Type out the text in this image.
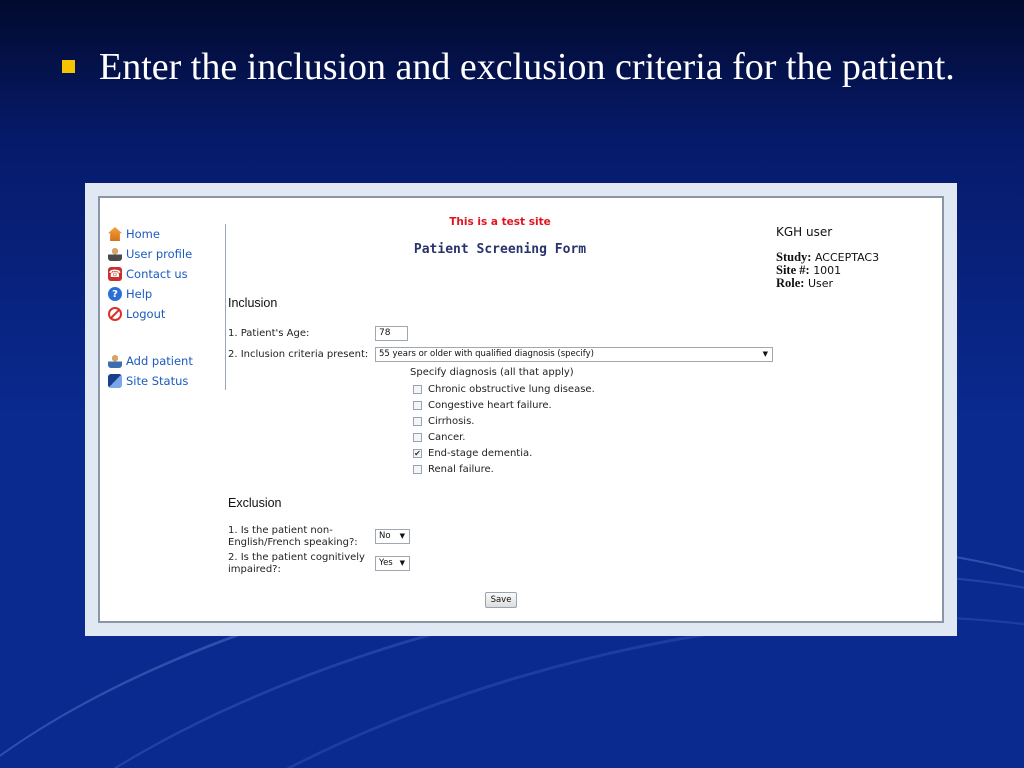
Enter the inclusion and exclusion criteria for the patient.
Home
User profile
☎ Contact us
? Help
Logout
Add patient
Site Status
This is a test site
Patient Screening Form
KGH user
Study: ACCEPTAC3
Site #: 1001
Role: User
Inclusion
1. Patient's Age:	78
2. Inclusion criteria present: 55 years or older with qualified diagnosis (specify)	▼
Specify diagnosis (all that apply)
Chronic obstructive lung disease.
Congestive heart failure.
Cirrhosis.
Cancer.
✔ End-stage dementia.
Renal failure.
Exclusion
1. Is the patient non-
English/French speaking?:
No ▼
2. Is the patient cognitively
impaired?:
Yes ▼
Save
